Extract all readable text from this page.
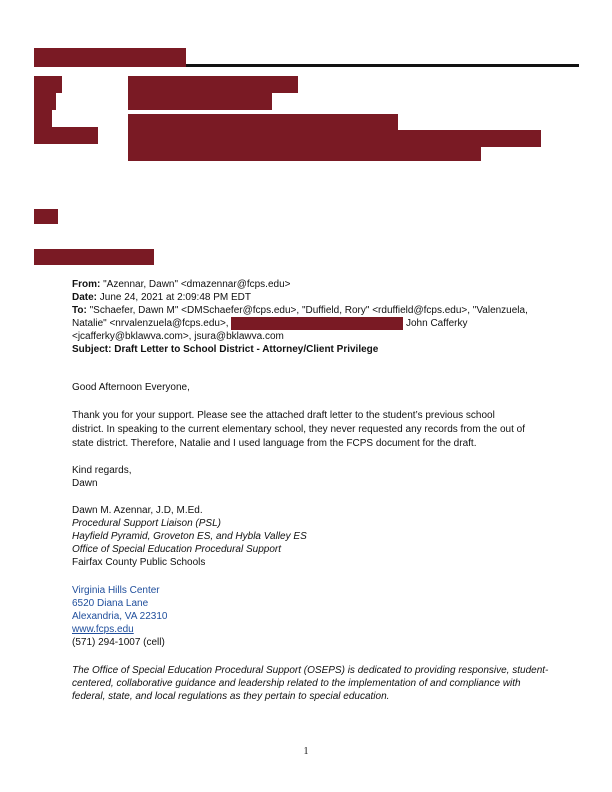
From: "Azennar, Dawn" <dmazennar@fcps.edu>
Date: June 24, 2021 at 2:09:48 PM EDT
To: "Schaefer, Dawn M" <DMSchaefer@fcps.edu>, "Duffield, Rory" <rduffield@fcps.edu>, "Valenzuela,
Natalie" <nrvalenzuela@fcps.edu>,	John Cafferky
<jcafferky@bklawva.com>, jsura@bklawva.com
Subject: Draft Letter to School District - Attorney/Client Privilege
Good Afternoon Everyone,
Thank you for your support. Please see the attached draft letter to the student’s previous school
district. In speaking to the current elementary school, they never requested any records from the out of
state district. Therefore, Natalie and I used language from the FCPS document for the draft.
Kind regards,
Dawn
Dawn M. Azennar, J.D, M.Ed.
Procedural Support Liaison (PSL)
Hayfield Pyramid, Groveton ES, and Hybla Valley ES
Office of Special Education Procedural Support
Fairfax County Public Schools
Virginia Hills Center
6520 Diana Lane
Alexandria, VA 22310
www.fcps.edu
(571) 294-1007 (cell)
The Office of Special Education Procedural Support (OSEPS) is dedicated to providing responsive, student-
centered, collaborative guidance and leadership related to the implementation of and compliance with
federal, state, and local regulations as they pertain to special education.
1
